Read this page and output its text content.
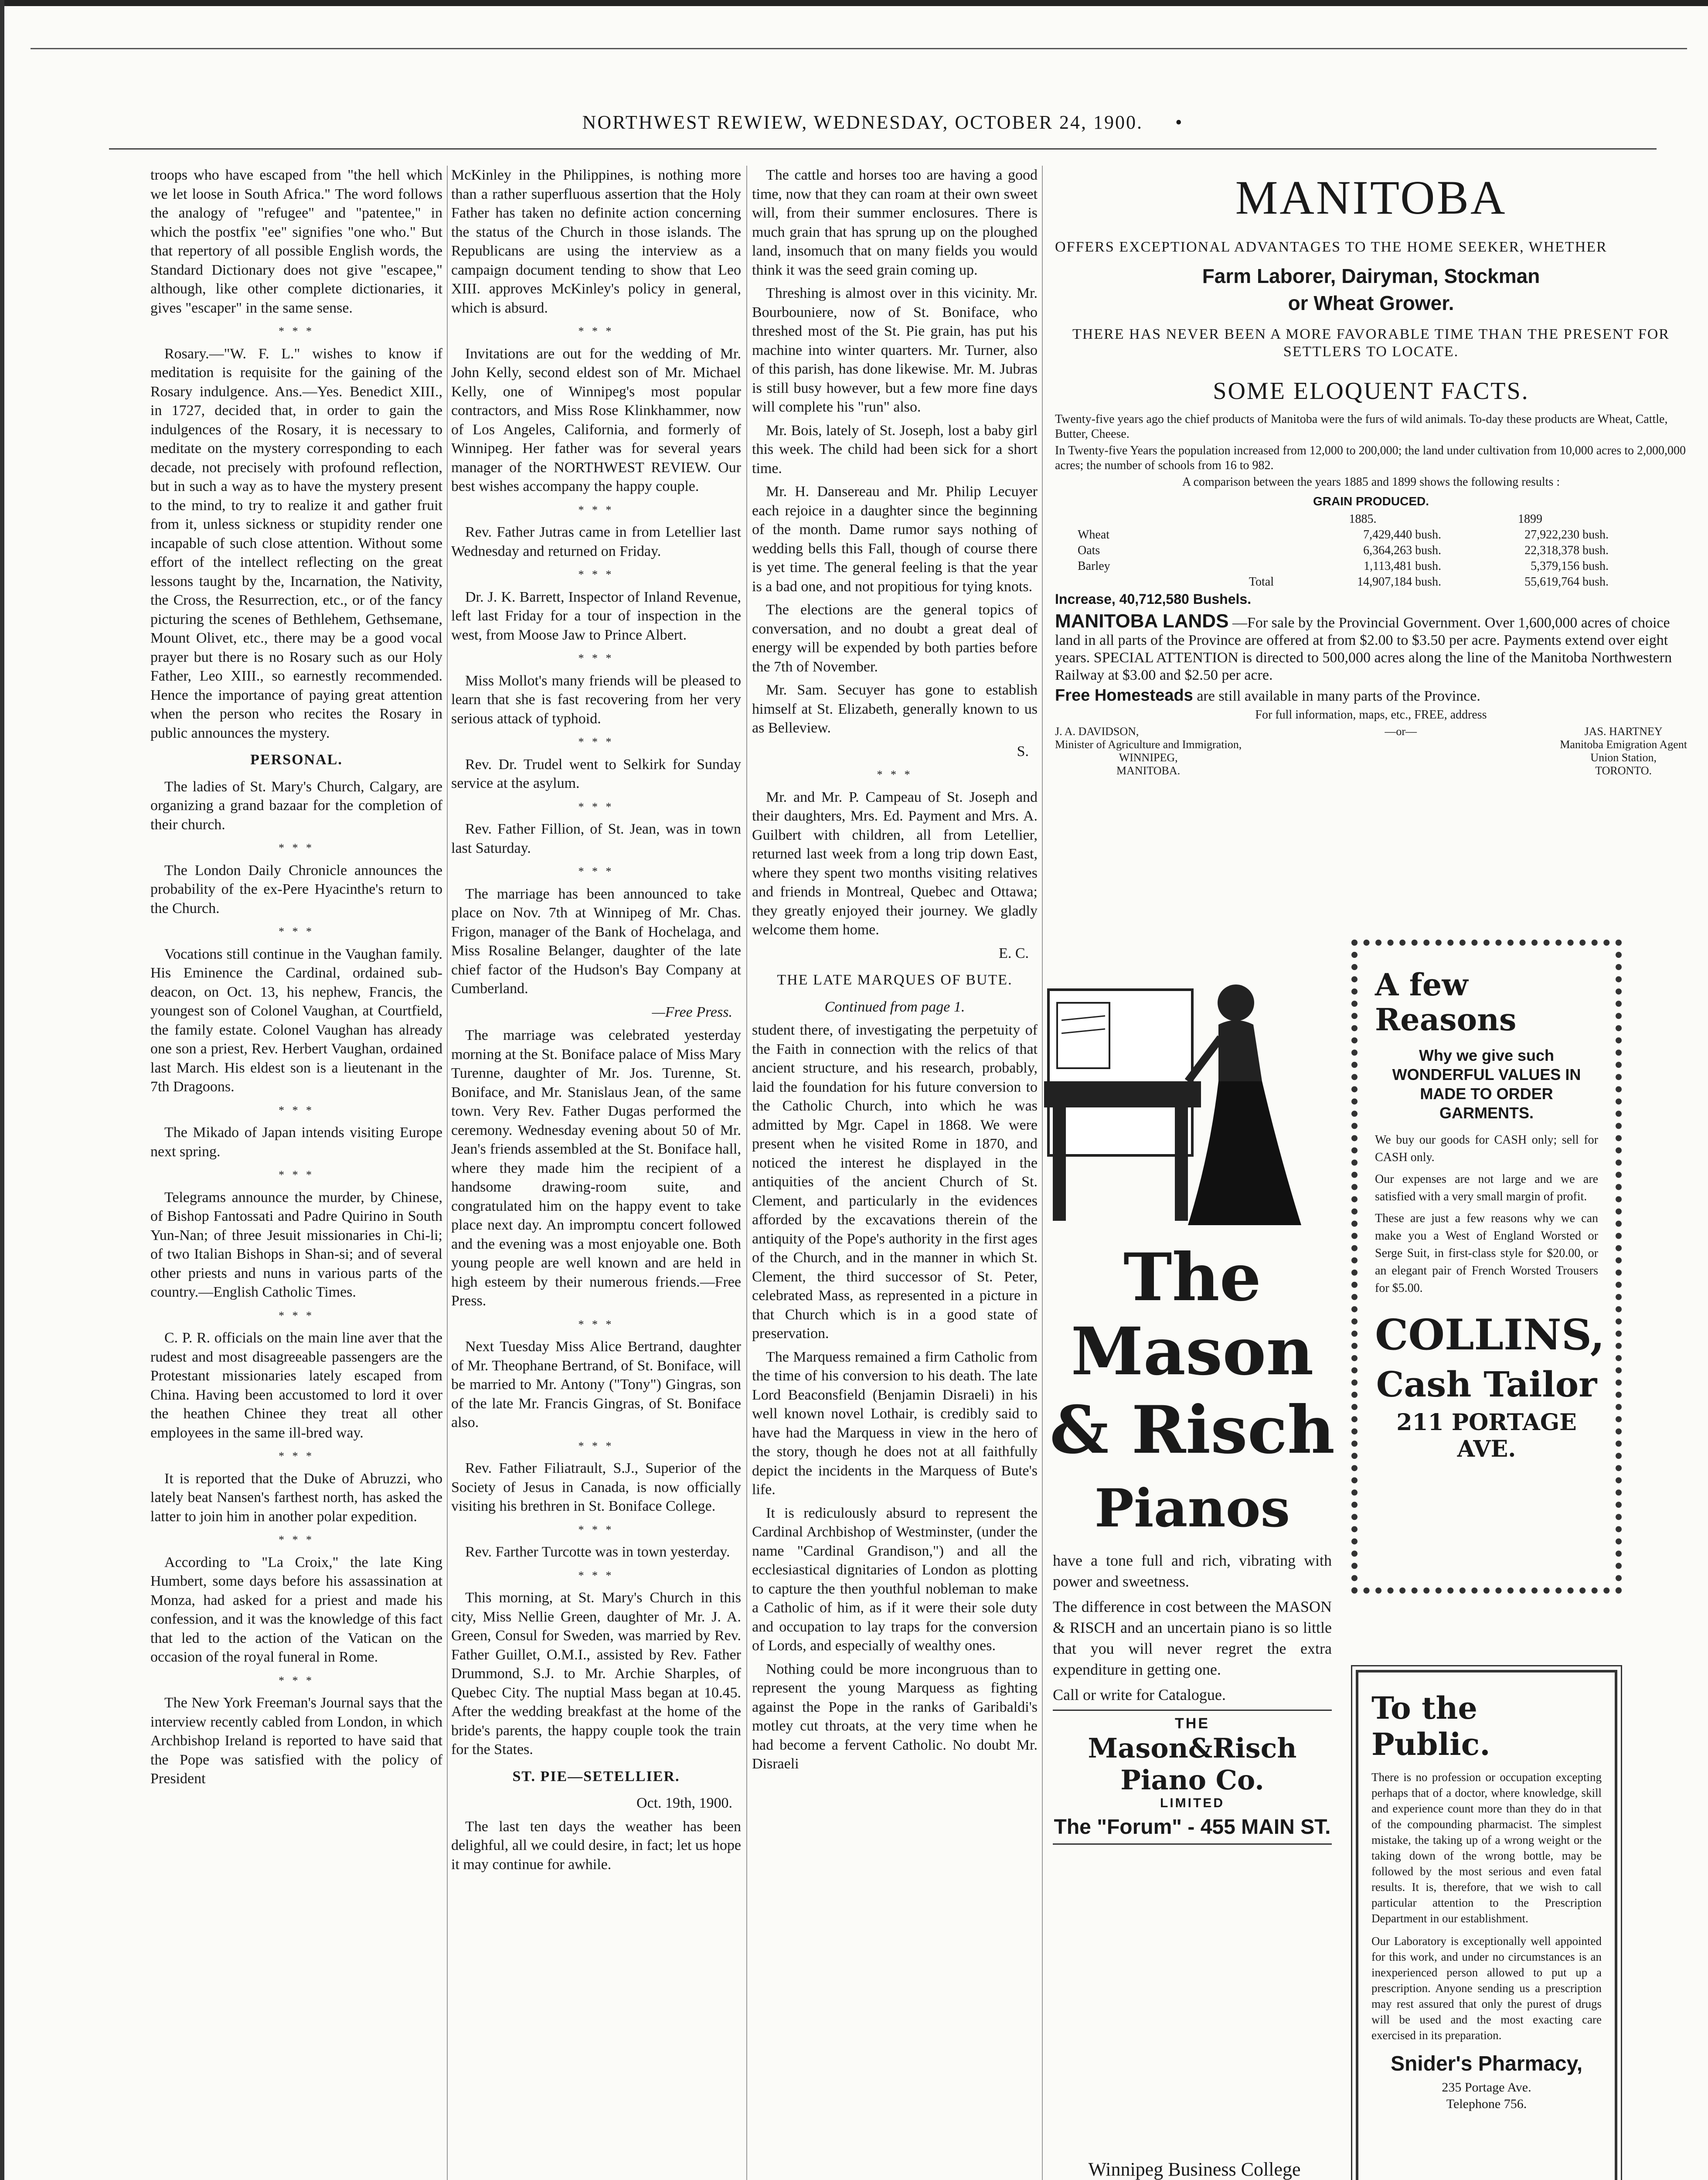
NORTHWEST REWIEW, WEDNESDAY, OCTOBER 24, 1900. •

troops who have escaped from "the hell which we let loose in South Africa." The word follows the analogy of "refugee" and "patentee," in which the postfix "ee" signifies "one who." But that repertory of all possible English words, the Standard Dictionary does not give "escapee," although, like other complete dictionaries, it gives "escaper" in the same sense.

* * *

Rosary.—"W. F. L." wishes to know if meditation is requisite for the gaining of the Rosary indulgence. Ans.—Yes. Benedict XIII., in 1727, decided that, in order to gain the indulgences of the Rosary, it is necessary to meditate on the mystery corresponding to each decade, not precisely with profound reflection, but in such a way as to have the mystery present to the mind, to try to realize it and gather fruit from it, unless sickness or stupidity render one incapable of such close attention. Without some effort of the intellect reflecting on the great lessons taught by the, Incarnation, the Nativity, the Cross, the Resurrection, etc., or of the fancy picturing the scenes of Bethlehem, Gethsemane, Mount Olivet, etc., there may be a good vocal prayer but there is no Rosary such as our Holy Father, Leo XIII., so earnestly recommended. Hence the importance of paying great attention when the person who recites the Rosary in public announces the mystery.

PERSONAL.

The ladies of St. Mary's Church, Calgary, are organizing a grand bazaar for the completion of their church.

* * *

The London Daily Chronicle announces the probability of the ex-Pere Hyacinthe's return to the Church.

* * *

Vocations still continue in the Vaughan family. His Eminence the Cardinal, ordained sub-deacon, on Oct. 13, his nephew, Francis, the youngest son of Colonel Vaughan, at Courtfield, the family estate. Colonel Vaughan has already one son a priest, Rev. Herbert Vaughan, ordained last March. His eldest son is a lieutenant in the 7th Dragoons.

* * *

The Mikado of Japan intends visiting Europe next spring.

* * *

Telegrams announce the murder, by Chinese, of Bishop Fantossati and Padre Quirino in South Yun-Nan; of three Jesuit missionaries in Chi-li; of two Italian Bishops in Shan-si; and of several other priests and nuns in various parts of the country.—English Catholic Times.

* * *

C. P. R. officials on the main line aver that the rudest and most disagreeable passengers are the Protestant missionaries lately escaped from China. Having been accustomed to lord it over the heathen Chinee they treat all other employees in the same ill-bred way.

* * *

It is reported that the Duke of Abruzzi, who lately beat Nansen's farthest north, has asked the latter to join him in another polar expedition.

* * *

According to "La Croix," the late King Humbert, some days before his assassination at Monza, had asked for a priest and made his confession, and it was the knowledge of this fact that led to the action of the Vatican on the occasion of the royal funeral in Rome.

* * *

The New York Freeman's Journal says that the interview recently cabled from London, in which Archbishop Ireland is reported to have said that the Pope was satisfied with the policy of President

McKinley in the Philippines, is nothing more than a rather superfluous assertion that the Holy Father has taken no definite action concerning the status of the Church in those islands. The Republicans are using the interview as a campaign document tending to show that Leo XIII. approves McKinley's policy in general, which is absurd.

* * *

Invitations are out for the wedding of Mr. John Kelly, second eldest son of Mr. Michael Kelly, one of Winnipeg's most popular contractors, and Miss Rose Klinkhammer, now of Los Angeles, California, and formerly of Winnipeg. Her father was for several years manager of the NORTHWEST REVIEW. Our best wishes accompany the happy couple.

* * *

Rev. Father Jutras came in from Letellier last Wednesday and returned on Friday.

* * *

Dr. J. K. Barrett, Inspector of Inland Revenue, left last Friday for a tour of inspection in the west, from Moose Jaw to Prince Albert.

* * *

Miss Mollot's many friends will be pleased to learn that she is fast recovering from her very serious attack of typhoid.

* * *

Rev. Dr. Trudel went to Selkirk for Sunday service at the asylum.

* * *

Rev. Father Fillion, of St. Jean, was in town last Saturday.

* * *

The marriage has been announced to take place on Nov. 7th at Winnipeg of Mr. Chas. Frigon, manager of the Bank of Hochelaga, and Miss Rosaline Belanger, daughter of the late chief factor of the Hudson's Bay Company at Cumberland.

—Free Press.

The marriage was celebrated yesterday morning at the St. Boniface palace of Miss Mary Turenne, daughter of Mr. Jos. Turenne, St. Boniface, and Mr. Stanislaus Jean, of the same town. Very Rev. Father Dugas performed the ceremony. Wednesday evening about 50 of Mr. Jean's friends assembled at the St. Boniface hall, where they made him the recipient of a handsome drawing-room suite, and congratulated him on the happy event to take place next day. An impromptu concert followed and the evening was a most enjoyable one. Both young people are well known and are held in high esteem by their numerous friends.—Free Press.

* * *

Next Tuesday Miss Alice Bertrand, daughter of Mr. Theophane Bertrand, of St. Boniface, will be married to Mr. Antony ("Tony") Gingras, son of the late Mr. Francis Gingras, of St. Boniface also.

* * *

Rev. Father Filiatrault, S.J., Superior of the Society of Jesus in Canada, is now officially visiting his brethren in St. Boniface College.

* * *

Rev. Farther Turcotte was in town yesterday.

* * *

This morning, at St. Mary's Church in this city, Miss Nellie Green, daughter of Mr. J. A. Green, Consul for Sweden, was married by Rev. Father Guillet, O.M.I., assisted by Rev. Father Drummond, S.J. to Mr. Archie Sharples, of Quebec City. The nuptial Mass began at 10.45. After the wedding breakfast at the home of the bride's parents, the happy couple took the train for the States.

ST. PIE—SETELLIER.

Oct. 19th, 1900.

The last ten days the weather has been delighful, all we could desire, in fact; let us hope it may continue for awhile.

The cattle and horses too are having a good time, now that they can roam at their own sweet will, from their summer enclosures. There is much grain that has sprung up on the ploughed land, insomuch that on many fields you would think it was the seed grain coming up.

Threshing is almost over in this vicinity. Mr. Bourbouniere, now of St. Boniface, who threshed most of the St. Pie grain, has put his machine into winter quarters. Mr. Turner, also of this parish, has done likewise. Mr. M. Jubras is still busy however, but a few more fine days will complete his "run" also.

Mr. Bois, lately of St. Joseph, lost a baby girl this week. The child had been sick for a short time.

Mr. H. Dansereau and Mr. Philip Lecuyer each rejoice in a daughter since the beginning of the month. Dame rumor says nothing of wedding bells this Fall, though of course there is yet time. The general feeling is that the year is a bad one, and not propitious for tying knots.

The elections are the general topics of conversation, and no doubt a great deal of energy will be expended by both parties before the 7th of November.

Mr. Sam. Secuyer has gone to establish himself at St. Elizabeth, generally known to us as Belleview.

S.

* * *

Mr. and Mr. P. Campeau of St. Joseph and their daughters, Mrs. Ed. Payment and Mrs. A. Guilbert with children, all from Letellier, returned last week from a long trip down East, where they spent two months visiting relatives and friends in Montreal, Quebec and Ottawa; they greatly enjoyed their journey. We gladly welcome them home.

E. C.

THE LATE MARQUES OF BUTE.

Continued from page 1.

student there, of investigating the perpetuity of the Faith in connection with the relics of that ancient structure, and his research, probably, laid the foundation for his future conversion to the Catholic Church, into which he was admitted by Mgr. Capel in 1868. We were present when he visited Rome in 1870, and noticed the interest he displayed in the antiquities of the ancient Church of St. Clement, and particularly in the evidences afforded by the excavations therein of the antiquity of the Pope's authority in the first ages of the Church, and in the manner in which St. Clement, the third successor of St. Peter, celebrated Mass, as represented in a picture in that Church which is in a good state of preservation.

The Marquess remained a firm Catholic from the time of his conversion to his death. The late Lord Beaconsfield (Benjamin Disraeli) in his well known novel Lothair, is credibly said to have had the Marquess in view in the hero of the story, though he does not at all faithfully depict the incidents in the Marquess of Bute's life.

It is rediculously absurd to represent the Cardinal Archbishop of Westminster, (under the name "Cardinal Grandison,") and all the ecclesiastical dignitaries of London as plotting to capture the then youthful nobleman to make a Catholic of him, as if it were their sole duty and occupation to lay traps for the conversion of Lords, and especially of wealthy ones.

Nothing could be more incongruous than to represent the young Marquess as fighting against the Pope in the ranks of Garibaldi's motley cut throats, at the very time when he had become a fervent Catholic. No doubt Mr. Disraeli

MANITOBA
OFFERS EXCEPTIONAL ADVANTAGES TO THE HOME SEEKER, WHETHER
Farm Laborer, Dairyman, Stockman
or Wheat Grower.
THERE HAS NEVER BEEN A MORE FAVORABLE TIME THAN THE PRESENT FOR SETTLERS TO LOCATE.
SOME ELOQUENT FACTS.
Twenty-five years ago the chief products of Manitoba were the furs of wild animals. To-day these products are Wheat, Cattle, Butter, Cheese.
In Twenty-five Years the population increased from 12,000 to 200,000; the land under cultivation from 10,000 acres to 2,000,000 acres; the number of schools from 16 to 982.
A comparison between the years 1885 and 1899 shows the following results :
GRAIN PRODUCED.
	1885.	1899
Wheat	7,429,440 bush.	27,922,230 bush.
Oats	6,364,263 bush.	22,318,378 bush.
Barley	1,113,481 bush.	5,379,156 bush.
Total	14,907,184 bush.	55,619,764 bush.
Increase, 40,712,580 Bushels.
MANITOBA LANDS —For sale by the Provincial Government. Over 1,600,000 acres of choice land in all parts of the Province are offered at from $2.00 to $3.50 per acre. Payments extend over eight years. SPECIAL ATTENTION is directed to 500,000 acres along the line of the Manitoba Northwestern Railway at $3.00 and $2.50 per acre.
Free Homesteads are still available in many parts of the Province.
For full information, maps, etc., FREE, address
J. A. DAVIDSON,
Minister of Agriculture and Immigration,
WINNIPEG,
MANITOBA.
—or—	JAS. HARTNEY
Manitoba Emigration Agent
Union Station,
TORONTO.
The Mason
& Risch
Pianos
have a tone full and rich, vibrating with power and sweetness.
The difference in cost between the MASON & RISCH and an uncertain piano is so little that you will never regret the extra expenditure in getting one.
Call or write for Catalogue.
THE
Mason&Risch Piano Co.
LIMITED
The "Forum" - 455 MAIN ST.
Winnipeg Business College

A few Reasons
Why we give such WONDERFUL VALUES IN MADE TO ORDER GARMENTS.
We buy our goods for CASH only; sell for CASH only.
Our expenses are not large and we are satisfied with a very small margin of profit.
These are just a few reasons why we can make you a West of England Worsted or Serge Suit, in first-class style for $20.00, or an elegant pair of French Worsted Trousers for $5.00.
COLLINS,
Cash Tailor
211 PORTAGE AVE.
To the Public.
There is no profession or occupation excepting perhaps that of a doctor, where knowledge, skill and experience count more than they do in that of the compounding pharmacist. The simplest mistake, the taking up of a wrong weight or the taking down of the wrong bottle, may be followed by the most serious and even fatal results. It is, therefore, that we wish to call particular attention to the Prescription Department in our establishment.
Our Laboratory is exceptionally well appointed for this work, and under no circumstances is an inexperienced person allowed to put up a prescription. Anyone sending us a prescription may rest assured that only the purest of drugs will be used and the most exacting care exercised in its preparation.
Snider's Pharmacy,
235 Portage Ave.
Telephone 756.
